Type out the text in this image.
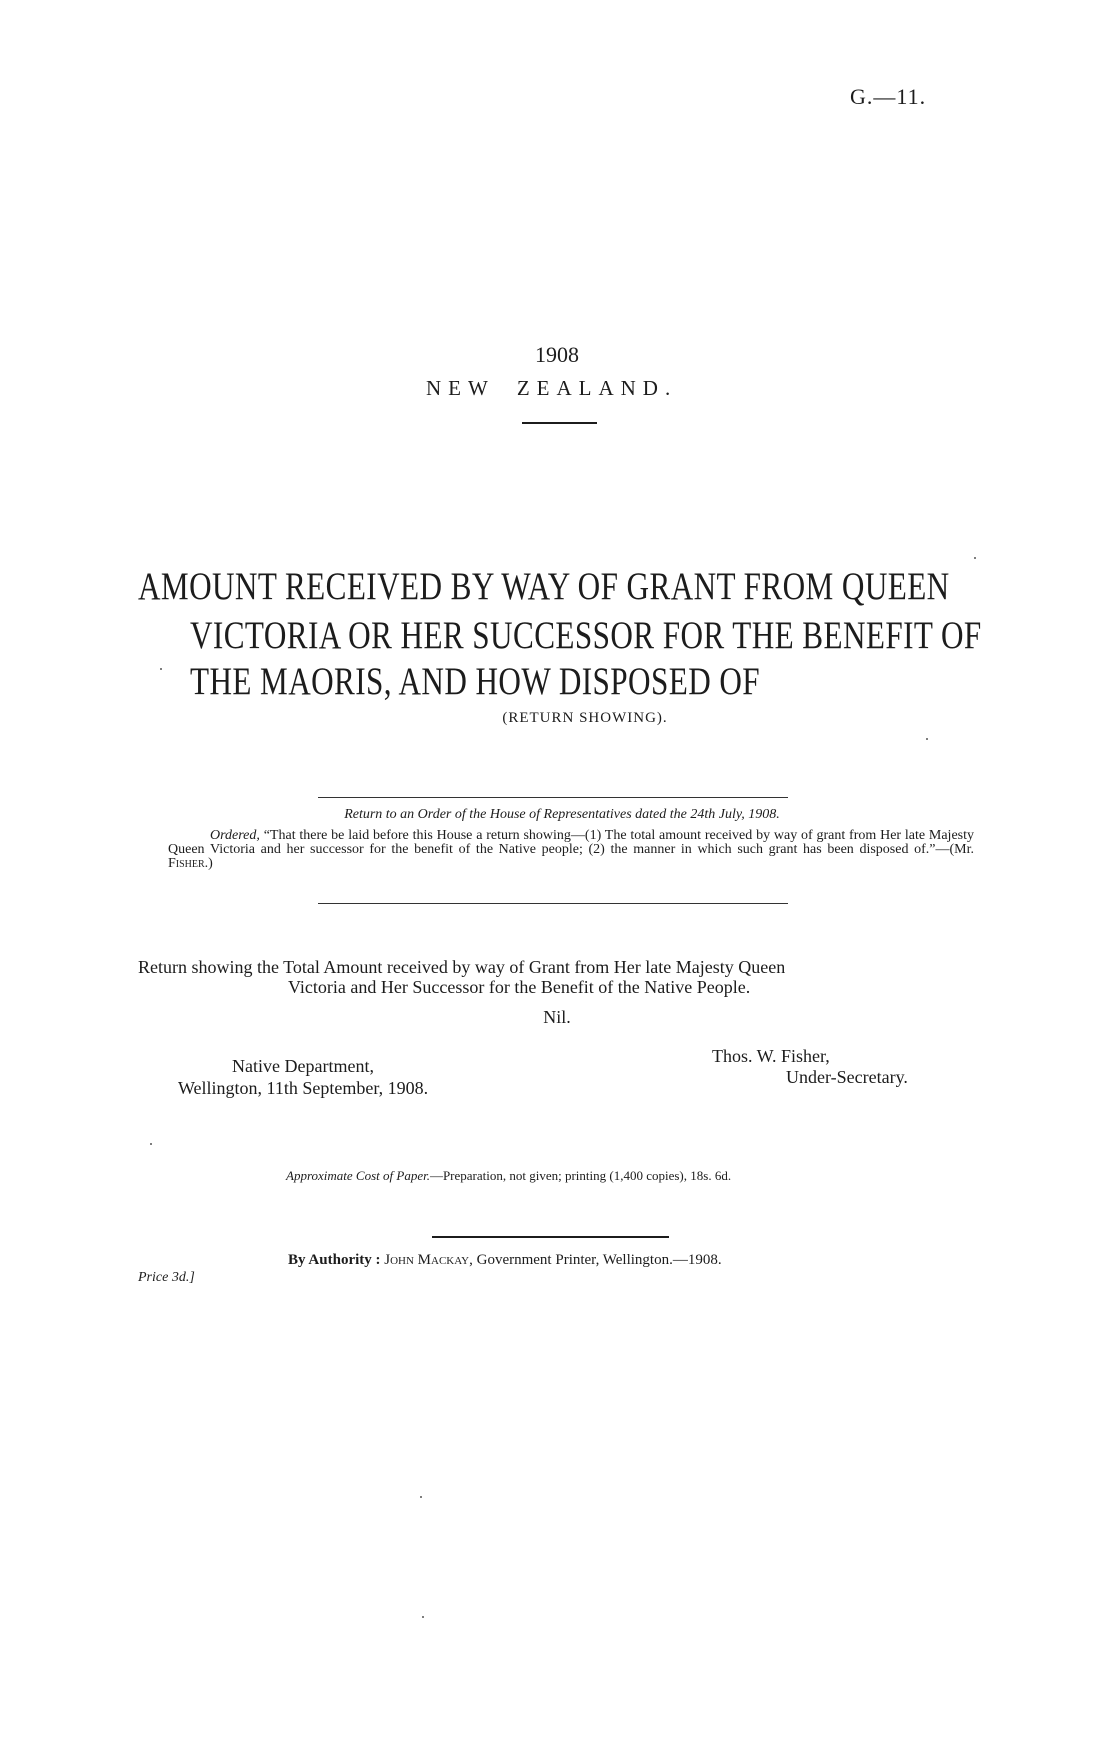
G.—11.
1908
NEW ZEALAND.
AMOUNT RECEIVED BY WAY OF GRANT FROM QUEEN
VICTORIA OR HER SUCCESSOR FOR THE BENEFIT OF
THE MAORIS, AND HOW DISPOSED OF
(RETURN SHOWING).
Return to an Order of the House of Representatives dated the 24th July, 1908.

Ordered, “That there be laid before this House a return showing—(1) The total amount received by way of grant from Her late Majesty Queen Victoria and her successor for the benefit of the Native people; (2) the manner in which such grant has been disposed of.”—(Mr. Fisher.)

Return showing the Total Amount received by way of Grant from Her late Majesty Queen
Victoria and Her Successor for the Benefit of the Native People.
Nil.
Native Department,
Wellington, 11th September, 1908.
Thos. W. Fisher,
Under-Secretary.
Approximate Cost of Paper.—Preparation, not given; printing (1,400 copies), 18s. 6d.
By Authority : John Mackay, Government Printer, Wellington.—1908.
Price 3d.]
